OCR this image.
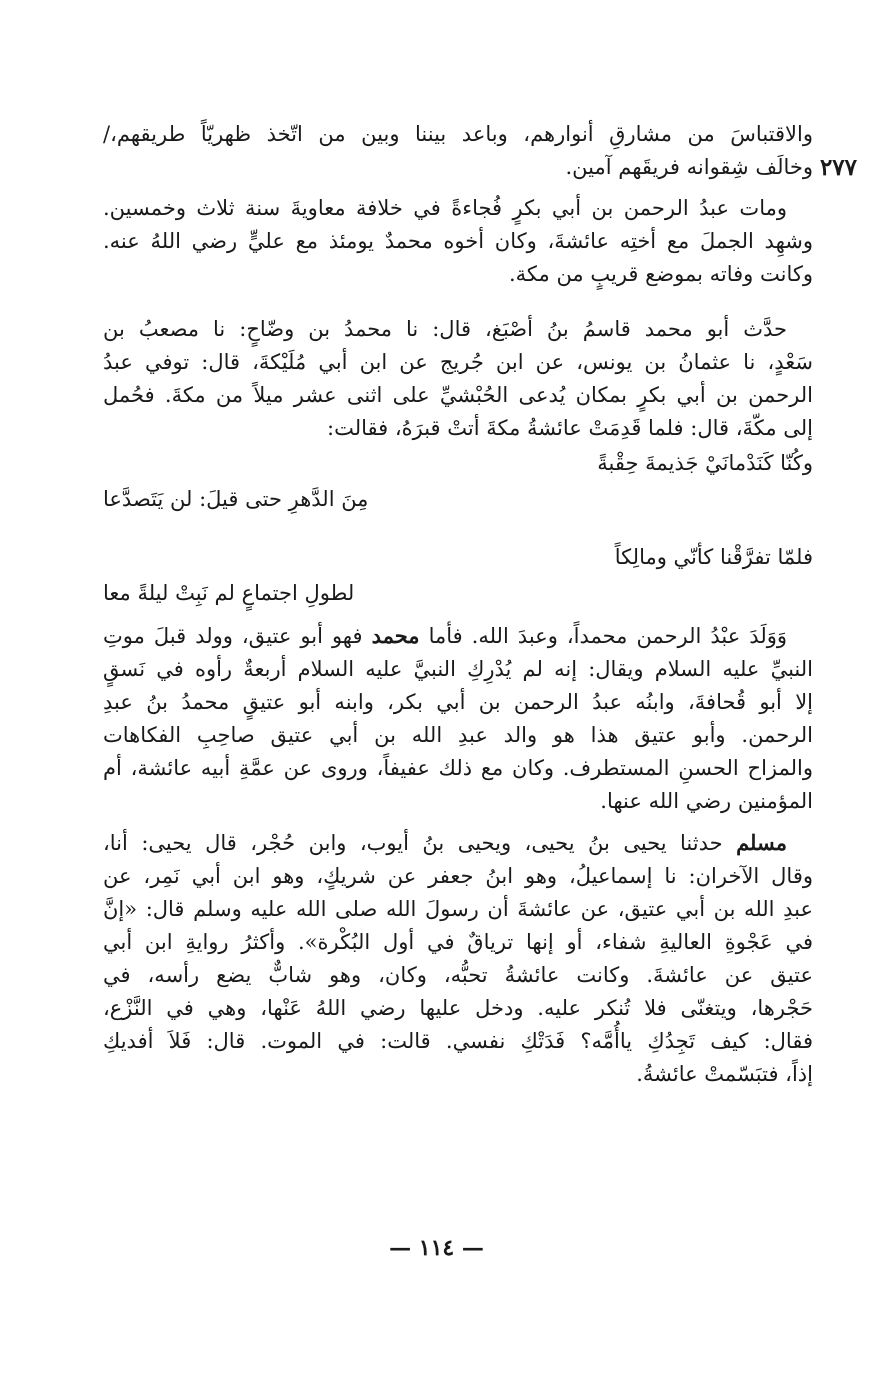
والاقتباسَ من مشارقِ أنوارهم، وباعد بيننا وبين من اتّخذ ظهريّاً طريقهم،/
٢٧٧
وخالَف شِقوانه فريقَهم آمين.
ومات عبدُ الرحمن بن أبي بكرٍ فُجاءةً في خلافة معاويةَ سنة ثلاث وخمسين.
وشهِد الجملَ مع أختِه عائشةَ، وكان أخوه محمدٌ يومئذ مع عليٍّ رضي اللهُ عنه.
وكانت وفاته بموضع قريبٍ من مكة.
حدَّث أبو محمد قاسمُ بنُ أصْبَغ، قال: نا محمدُ بن وضّاحٍ: نا مصعبُ بن
سَعْدٍ، نا عثمانُ بن يونس، عن ابن جُريج عن ابن أبي مُلَيْكةَ، قال: توفي عبدُ
الرحمن بن أبي بكرٍ بمكان يُدعى الحُبْشيِّ على اثنى عشر ميلاً من مكةَ. فحُمل
إلى مكّةَ، قال: فلما قَدِمَتْ عائشةُ مكةَ أتتْ قبرَهُ، فقالت:
وكُنّا كَنَدْمانَيْ جَذيمةَ حِقْبةً
مِنَ الدَّهرِ حتى قيلَ: لن يَتَصدَّعا
فلمّا تفرَّقْنا كأنّي ومالِكاً
لطولِ اجتماعٍ لم نَبِتْ ليلةً معا
وَوَلَدَ عبْدُ الرحمن محمداً، وعبدَ الله. فأما محمد فهو أبو عتيق، وولد قبلَ موتِ
النبيِّ عليه السلام ويقال: إنه لم يُدْرِكِ النبيَّ عليه السلام أربعةٌ رأوه في نَسقٍ
إلا أبو قُحافةَ، وابنُه عبدُ الرحمن بن أبي بكر، وابنه أبو عتيقٍ محمدُ بنُ عبدِ
الرحمن. وأبو عتيق هذا هو والد عبدِ الله بن أبي عتيق صاحِبِ الفكاهات
والمزاح الحسنِ المستطرف. وكان مع ذلك عفيفاً، وروى عن عمَّةِ أبيه عائشة، أم
المؤمنين رضي الله عنها.
مسلم حدثنا يحيى بنُ يحيى، ويحيى بنُ أيوب، وابن حُجْر، قال يحيى: أنا،
وقال الآخران: نا إسماعيلُ، وهو ابنُ جعفر عن شريكٍ، وهو ابن أبي نَمِر، عن
عبدِ الله بن أبي عتيق، عن عائشةَ أن رسولَ الله صلى الله عليه وسلم قال: «إنَّ
في عَجْوةِ العاليةِ شفاء، أو إنها ترياقٌ في أول البُكْرة». وأكثرُ روايةِ ابن أبي
عتيق عن عائشةَ. وكانت عائشةُ تحبُّه، وكان، وهو شابٌّ يضع رأسه، في
حَجْرها، ويتغنّى فلا تُنكر عليه. ودخل عليها رضي اللهُ عَنْها، وهي في النَّزْع،
فقال: كيف تَجِدُكِ ياأُمَّه؟ فَدَتْكِ نفسي. قالت: في الموت. قال: فَلاَ أفديكِ
إذاً، فتبَسّمتْ عائشةُ.
— ١١٤ —
